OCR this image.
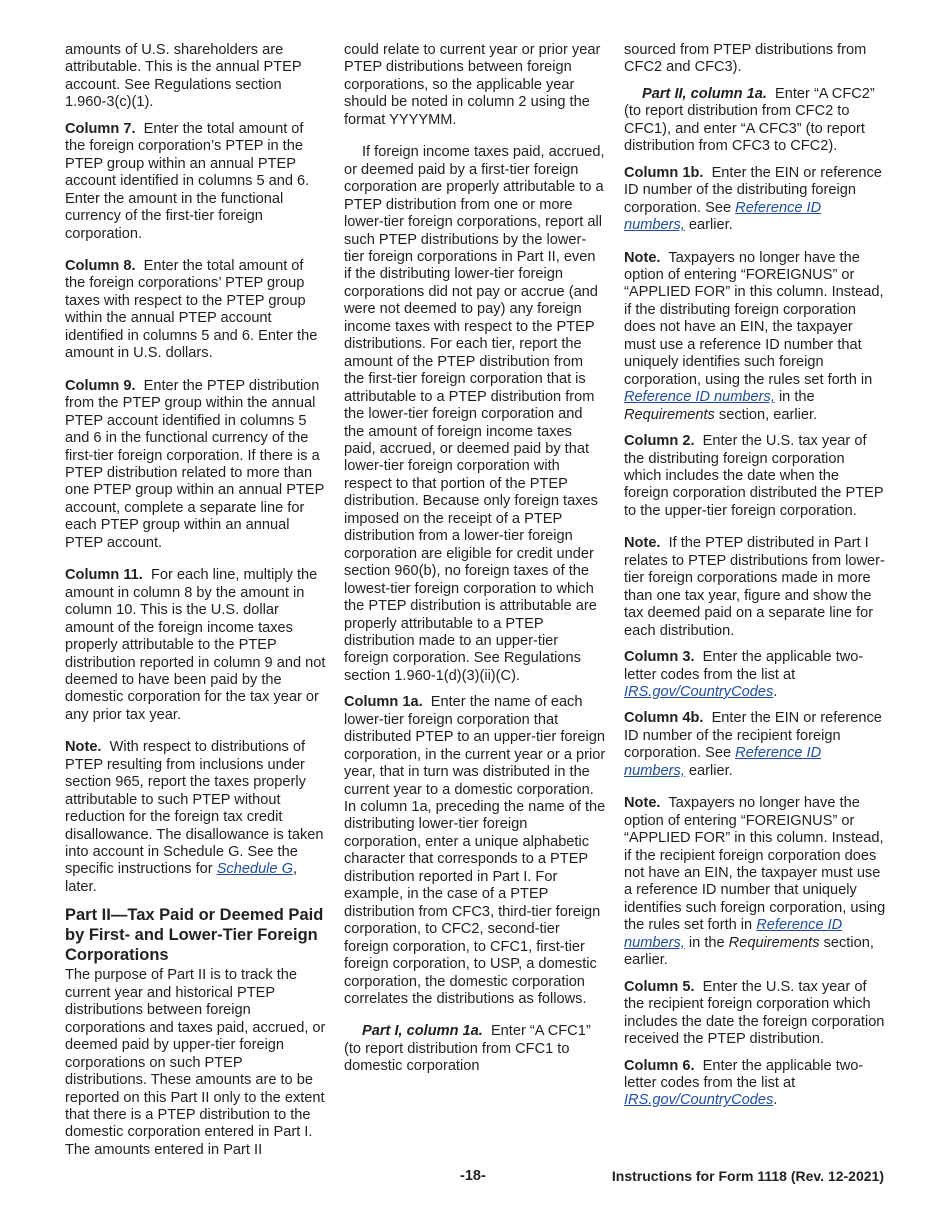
amounts of U.S. shareholders are attributable. This is the annual PTEP account. See Regulations section 1.960-3(c)(1).

Column 7. Enter the total amount of the foreign corporation’s PTEP in the PTEP group within an annual PTEP account identified in columns 5 and 6. Enter the amount in the functional currency of the first-tier foreign corporation.

Column 8. Enter the total amount of the foreign corporations’ PTEP group taxes with respect to the PTEP group within the annual PTEP account identified in columns 5 and 6. Enter the amount in U.S. dollars.

Column 9. Enter the PTEP distribution from the PTEP group within the annual PTEP account identified in columns 5 and 6 in the functional currency of the first-tier foreign corporation. If there is a PTEP distribution related to more than one PTEP group within an annual PTEP account, complete a separate line for each PTEP group within an annual PTEP account.

Column 11. For each line, multiply the amount in column 8 by the amount in column 10. This is the U.S. dollar amount of the foreign income taxes properly attributable to the PTEP distribution reported in column 9 and not deemed to have been paid by the domestic corporation for the tax year or any prior tax year.

Note. With respect to distributions of PTEP resulting from inclusions under section 965, report the taxes properly attributable to such PTEP without reduction for the foreign tax credit disallowance. The disallowance is taken into account in Schedule G. See the specific instructions for Schedule G, later.

Part II—Tax Paid or Deemed Paid by First- and Lower-Tier Foreign Corporations

The purpose of Part II is to track the current year and historical PTEP distributions between foreign corporations and taxes paid, accrued, or deemed paid by upper-tier foreign corporations on such PTEP distributions. These amounts are to be reported on this Part II only to the extent that there is a PTEP distribution to the domestic corporation entered in Part I. The amounts entered in Part II

could relate to current year or prior year PTEP distributions between foreign corporations, so the applicable year should be noted in column 2 using the format YYYYMM.

If foreign income taxes paid, accrued, or deemed paid by a first-tier foreign corporation are properly attributable to a PTEP distribution from one or more lower-tier foreign corporations, report all such PTEP distributions by the lower-tier foreign corporations in Part II, even if the distributing lower-tier foreign corporations did not pay or accrue (and were not deemed to pay) any foreign income taxes with respect to the PTEP distributions. For each tier, report the amount of the PTEP distribution from the first-tier foreign corporation that is attributable to a PTEP distribution from the lower-tier foreign corporation and the amount of foreign income taxes paid, accrued, or deemed paid by that lower-tier foreign corporation with respect to that portion of the PTEP distribution. Because only foreign taxes imposed on the receipt of a PTEP distribution from a lower-tier foreign corporation are eligible for credit under section 960(b), no foreign taxes of the lowest-tier foreign corporation to which the PTEP distribution is attributable are properly attributable to a PTEP distribution made to an upper-tier foreign corporation. See Regulations section 1.960-1(d)(3)(ii)(C).

Column 1a. Enter the name of each lower-tier foreign corporation that distributed PTEP to an upper-tier foreign corporation, in the current year or a prior year, that in turn was distributed in the current year to a domestic corporation. In column 1a, preceding the name of the distributing lower-tier foreign corporation, enter a unique alphabetic character that corresponds to a PTEP distribution reported in Part I. For example, in the case of a PTEP distribution from CFC3, third-tier foreign corporation, to CFC2, second-tier foreign corporation, to CFC1, first-tier foreign corporation, to USP, a domestic corporation, the domestic corporation correlates the distributions as follows.

Part I, column 1a. Enter “A CFC1” (to report distribution from CFC1 to domestic corporation

sourced from PTEP distributions from CFC2 and CFC3).

Part II, column 1a. Enter “A CFC2” (to report distribution from CFC2 to CFC1), and enter “A CFC3” (to report distribution from CFC3 to CFC2).

Column 1b. Enter the EIN or reference ID number of the distributing foreign corporation. See Reference ID numbers, earlier.

Note. Taxpayers no longer have the option of entering “FOREIGNUS” or “APPLIED FOR” in this column. Instead, if the distributing foreign corporation does not have an EIN, the taxpayer must use a reference ID number that uniquely identifies such foreign corporation, using the rules set forth in Reference ID numbers, in the Requirements section, earlier.

Column 2. Enter the U.S. tax year of the distributing foreign corporation which includes the date when the foreign corporation distributed the PTEP to the upper-tier foreign corporation.

Note. If the PTEP distributed in Part I relates to PTEP distributions from lower-tier foreign corporations made in more than one tax year, figure and show the tax deemed paid on a separate line for each distribution.

Column 3. Enter the applicable two-letter codes from the list at IRS.gov/CountryCodes.

Column 4b. Enter the EIN or reference ID number of the recipient foreign corporation. See Reference ID numbers, earlier.

Note. Taxpayers no longer have the option of entering “FOREIGNUS” or “APPLIED FOR” in this column. Instead, if the recipient foreign corporation does not have an EIN, the taxpayer must use a reference ID number that uniquely identifies such foreign corporation, using the rules set forth in Reference ID numbers, in the Requirements section, earlier.

Column 5. Enter the U.S. tax year of the recipient foreign corporation which includes the date the foreign corporation received the PTEP distribution.

Column 6. Enter the applicable two-letter codes from the list at IRS.gov/CountryCodes.

-18-	Instructions for Form 1118 (Rev. 12-2021)
